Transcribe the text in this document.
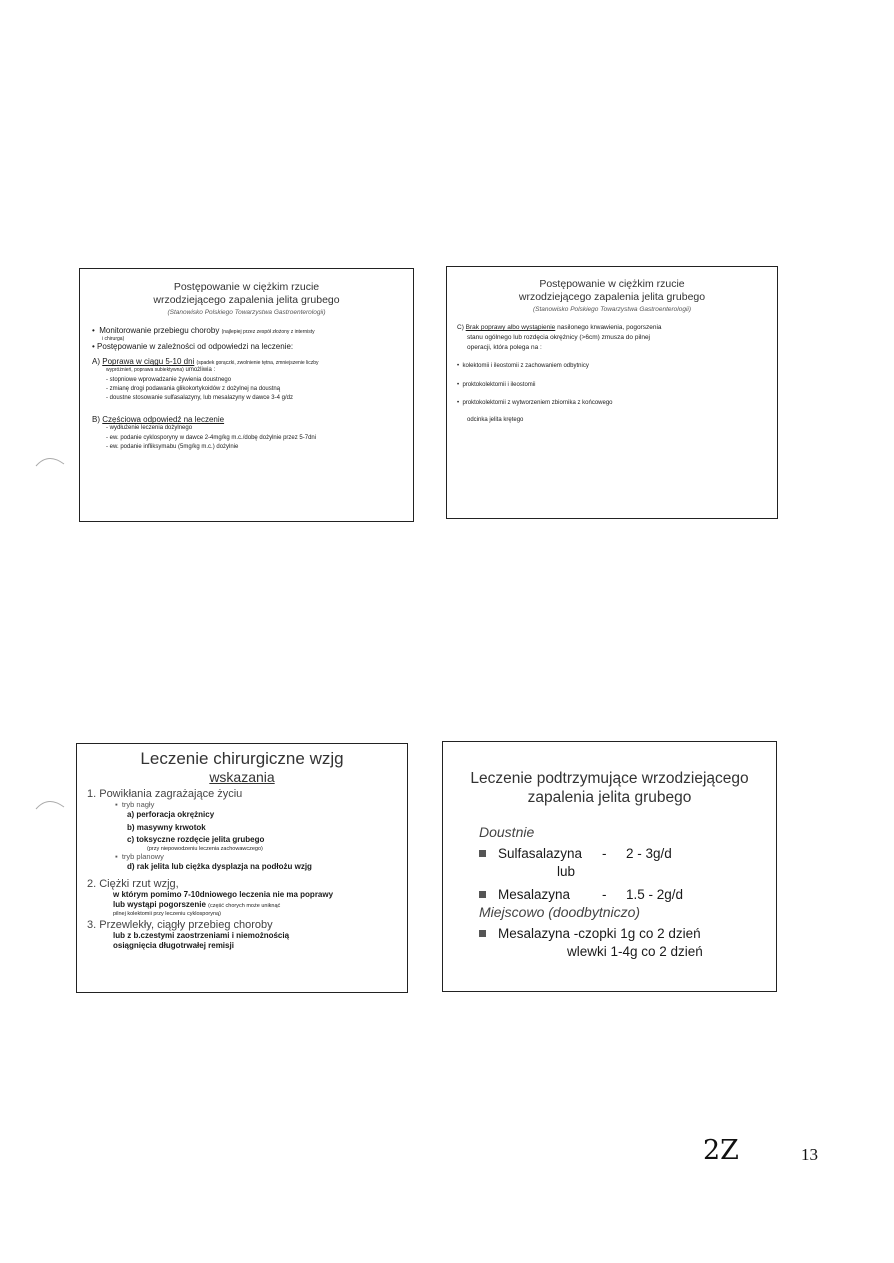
Postępowanie w ciężkim rzucie
wrzodziejącego zapalenia jelita grubego
(Stanowisko Polskiego Towarzystwa Gastroenterologii)
•  Monitorowanie przebiegu choroby (najlepiej przez zespół złożony z internisty
i chirurga)
• Postępowanie w zależności od odpowiedzi na leczenie:
A) Poprawa w ciągu 5-10 dni (spadek gorączki, zwolnienie tętna, zmniejszenie liczby
wypróżnień, poprawa subiektywna) umożliwia :
- stopniowe wprowadzanie żywienia doustnego
- zmianę drogi podawania glikokortykoidów z dożylnej na doustną
- doustne stosowanie sulfasalazyny, lub mesalazyny w dawce 3-4 g/dz
B) Częściowa odpowiedź na leczenie
- wydłużenie leczenia dożylnego
- ew. podanie cyklosporyny w dawce 2-4mg/kg m.c./dobę dożylnie przez 5-7dni
- ew. podanie infliksymabu (5mg/kg m.c.) dożylnie
Postępowanie w ciężkim rzucie
wrzodziejącego zapalenia jelita grubego
(Stanowisko Polskiego Towarzystwa Gastroenterologii)
C) Brak poprawy albo wystąpienie nasilonego krwawienia, pogorszenia
stanu ogólnego lub rozdęcia okrężnicy (>6cm) zmusza do pilnej
operacji, która polega na :
•  kolektomii i ileostomii z zachowaniem odbytnicy
•  proktokolektomii i ileostomii
•  proktokolektomii z wytworzeniem zbiornika z końcowego
odcinka jelita krętego
Leczenie chirurgiczne wzjg
wskazania
1. Powikłania zagrażające życiu
▪  tryb nagły
a) perforacja okrężnicy
b) masywny krwotok
c) toksyczne rozdęcie jelita grubego
(przy niepowodzeniu leczenia zachowawczego)
▪  tryb planowy
d) rak jelita lub ciężka dysplazja na podłożu wzjg
2. Ciężki rzut wzjg,
w którym pomimo 7-10dniowego leczenia nie ma poprawy
lub wystąpi pogorszenie (część chorych może uniknąć
pilnej kolektomii przy leczeniu cyklosporyną)
3. Przewlekły, ciągły przebieg choroby
lub z b.czestymi zaostrzeniami i niemożnością
osiągnięcia długotrwałej remisji
Leczenie podtrzymujące wrzodziejącego
zapalenia jelita grubego
Doustnie
Sulfasalazyna	-	2 - 3g/d
lub
Mesalazyna	-	1.5 - 2g/d
Miejscowo (doodbytniczo)
Mesalazyna -czopki 1g co 2 dzień
wlewki 1-4g co 2 dzień
2Z	13
